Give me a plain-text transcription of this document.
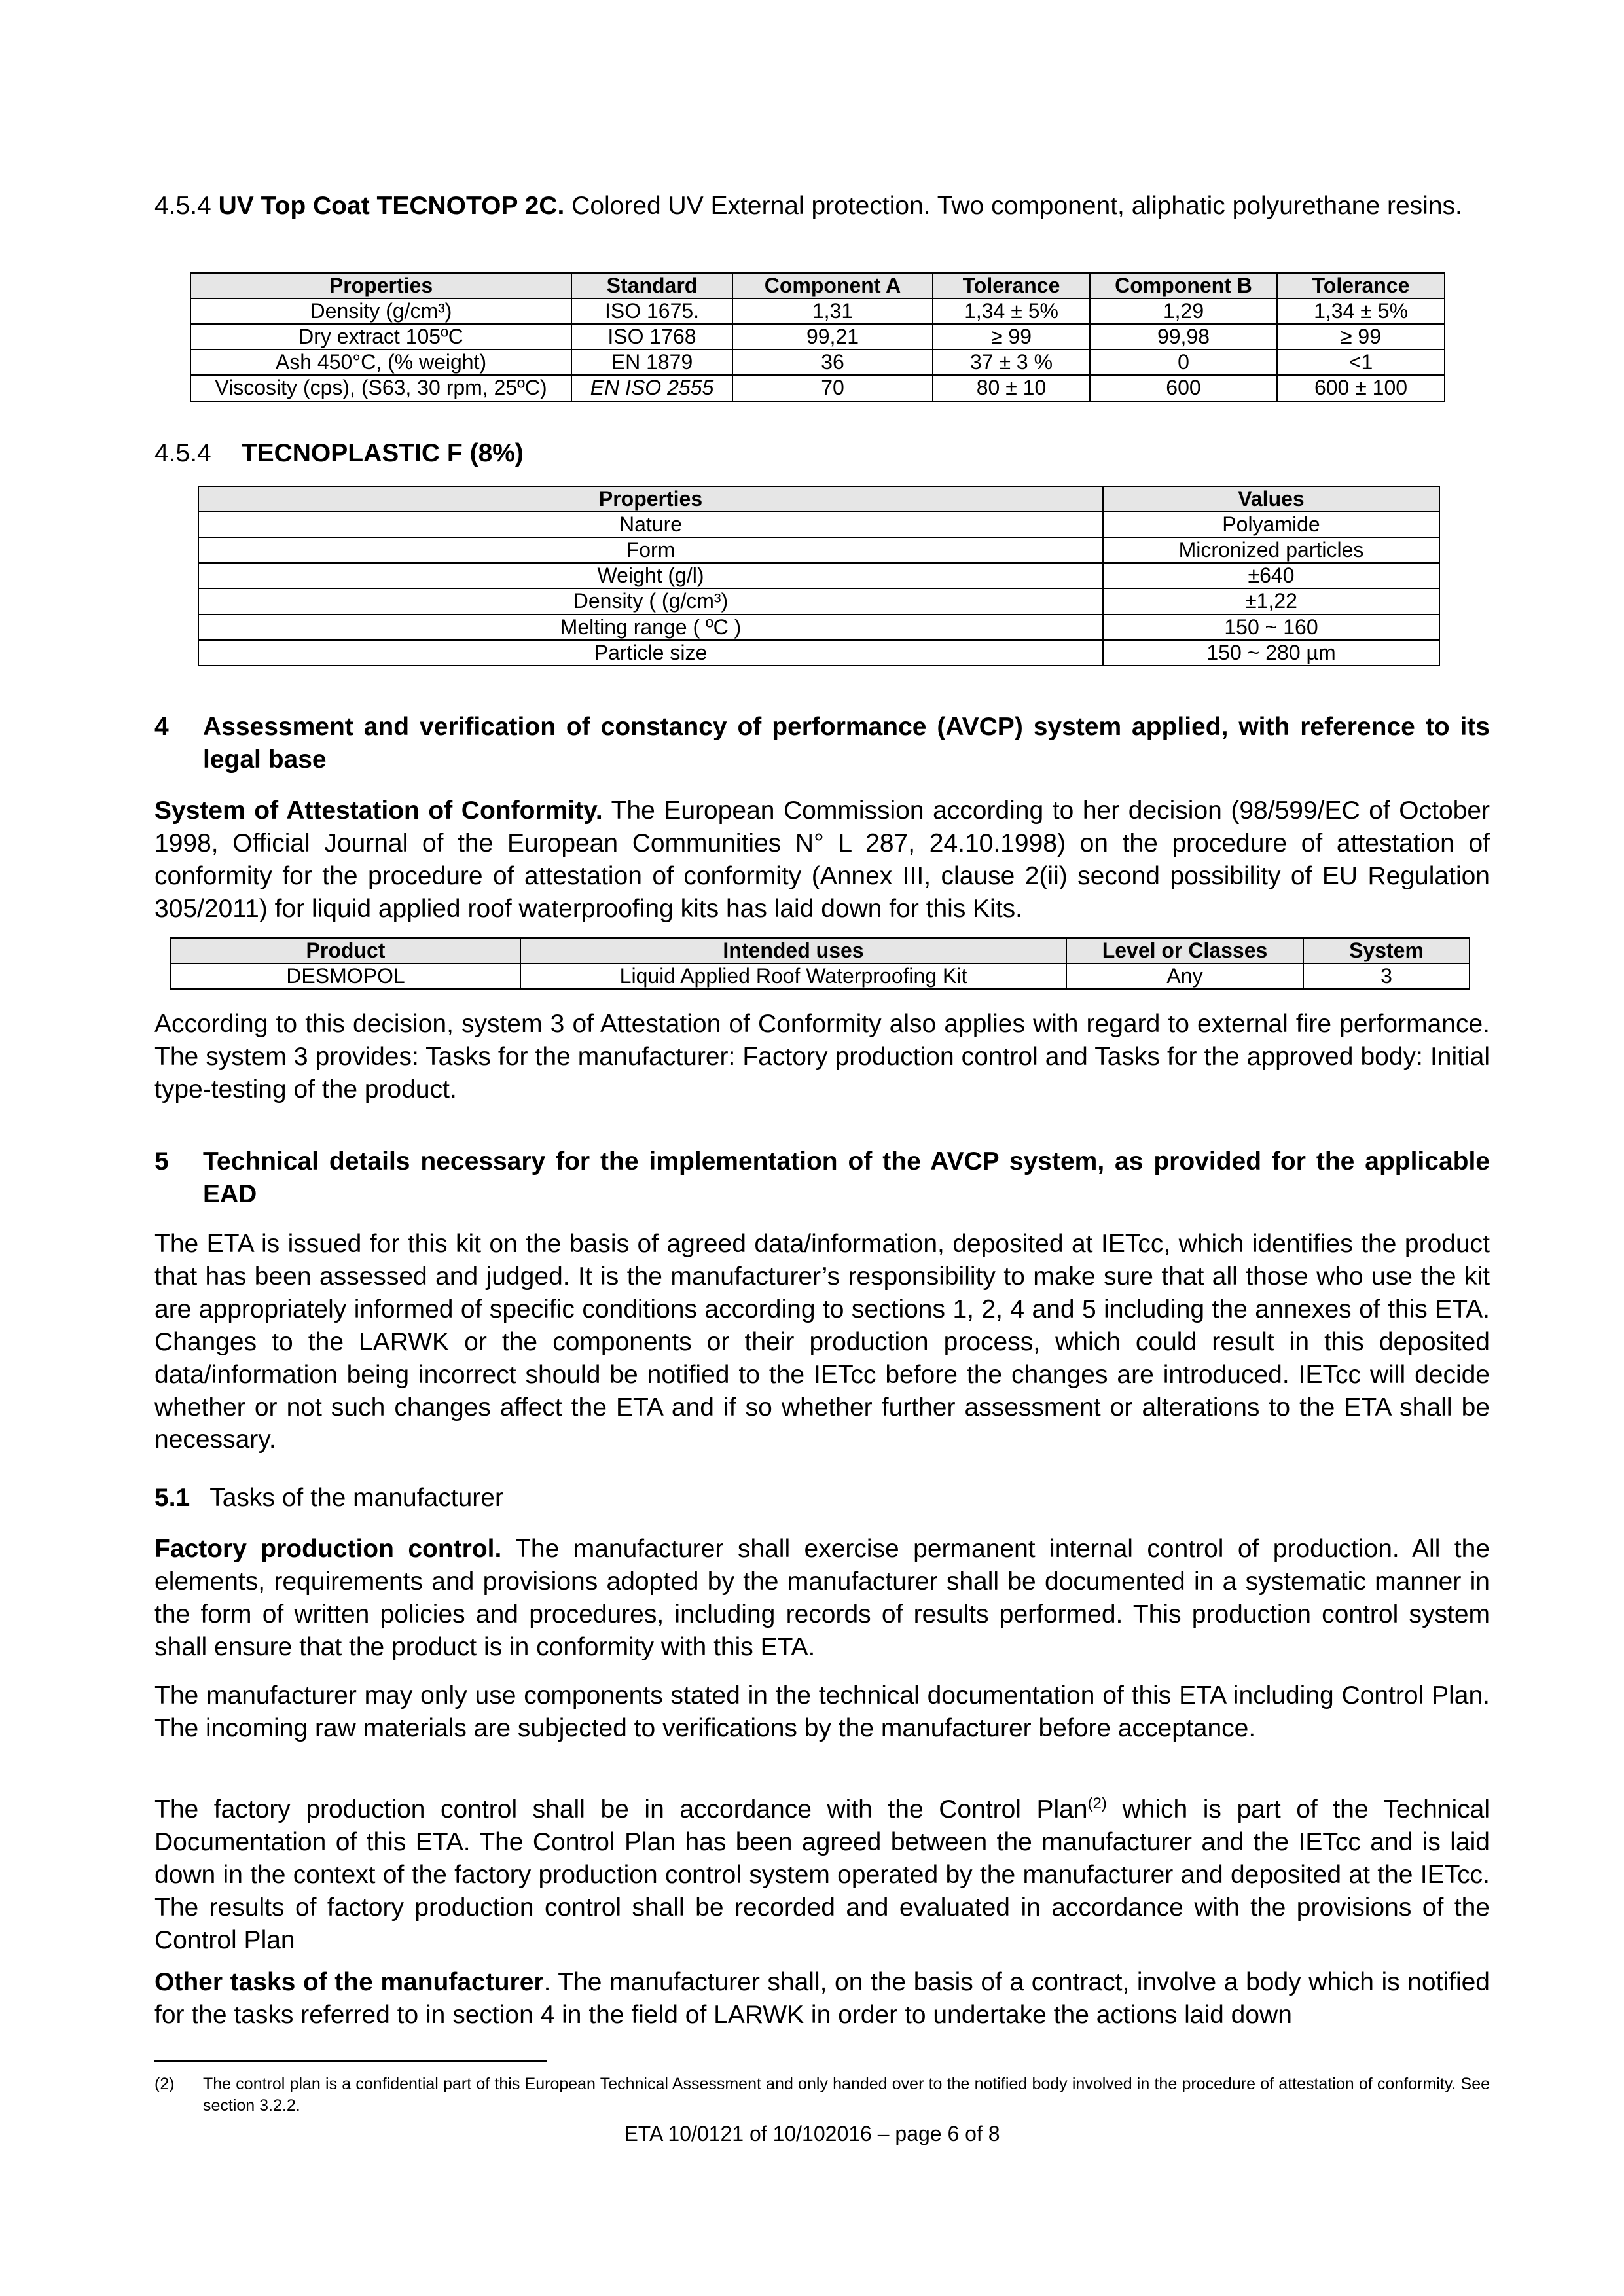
4.5.4 UV Top Coat TECNOTOP 2C. Colored UV External protection. Two component, aliphatic polyurethane resins.

Properties	Standard	Component A	Tolerance	Component B	Tolerance
Density (g/cm³)	ISO 1675.	1,31	1,34 ± 5%	1,29	1,34 ± 5%
Dry extract 105ºC	ISO 1768	99,21	≥ 99	99,98	≥ 99
Ash 450°C, (% weight)	EN 1879	36	37 ± 3 %	0	<1
Viscosity (cps), (S63, 30 rpm, 25ºC)	EN ISO 2555	70	80 ± 10	600	600 ± 100

4.5.4 TECNOPLASTIC F (8%)

Properties	Values
Nature	Polyamide
Form	Micronized particles
Weight (g/l)	±640
Density ( (g/cm³)	±1,22
Melting range ( ºC )	150 ~ 160
Particle size	150 ~ 280 µm
4 Assessment and verification of constancy of performance (AVCP) system applied, with reference to its legal base

System of Attestation of Conformity. The European Commission according to her decision (98/599/EC of October 1998, Official Journal of the European Communities N° L 287, 24.10.1998) on the procedure of attestation of conformity for the procedure of attestation of conformity (Annex III, clause 2(ii) second possibility of EU Regulation 305/2011) for liquid applied roof waterproofing kits has laid down for this Kits.

Product	Intended uses	Level or Classes	System
DESMOPOL	Liquid Applied Roof Waterproofing Kit	Any	3

According to this decision, system 3 of Attestation of Conformity also applies with regard to external fire performance. The system 3 provides: Tasks for the manufacturer: Factory production control and Tasks for the approved body: Initial type-testing of the product.

5 Technical details necessary for the implementation of the AVCP system, as provided for the applicable EAD

The ETA is issued for this kit on the basis of agreed data/information, deposited at IETcc, which identifies the product that has been assessed and judged. It is the manufacturer’s responsibility to make sure that all those who use the kit are appropriately informed of specific conditions according to sections 1, 2, 4 and 5 including the annexes of this ETA. Changes to the LARWK or the components or their production process, which could result in this deposited data/information being incorrect should be notified to the IETcc before the changes are introduced. IETcc will decide whether or not such changes affect the ETA and if so whether further assessment or alterations to the ETA shall be necessary.

5.1 Tasks of the manufacturer

Factory production control. The manufacturer shall exercise permanent internal control of production. All the elements, requirements and provisions adopted by the manufacturer shall be documented in a systematic manner in the form of written policies and procedures, including records of results performed. This production control system shall ensure that the product is in conformity with this ETA.

The manufacturer may only use components stated in the technical documentation of this ETA including Control Plan. The incoming raw materials are subjected to verifications by the manufacturer before acceptance.

The factory production control shall be in accordance with the Control Plan$^{(2)}$ which is part of the Technical Documentation of this ETA. The Control Plan has been agreed between the manufacturer and the IETcc and is laid down in the context of the factory production control system operated by the manufacturer and deposited at the IETcc. The results of factory production control shall be recorded and evaluated in accordance with the provisions of the Control Plan

Other tasks of the manufacturer. The manufacturer shall, on the basis of a contract, involve a body which is notified for the tasks referred to in section 4 in the field of LARWK in order to undertake the actions laid down

(2) The control plan is a confidential part of this European Technical Assessment and only handed over to the notified body involved in the procedure of attestation of conformity. See section 3.2.2.
ETA 10/0121 of 10/102016 – page 6 of 8
